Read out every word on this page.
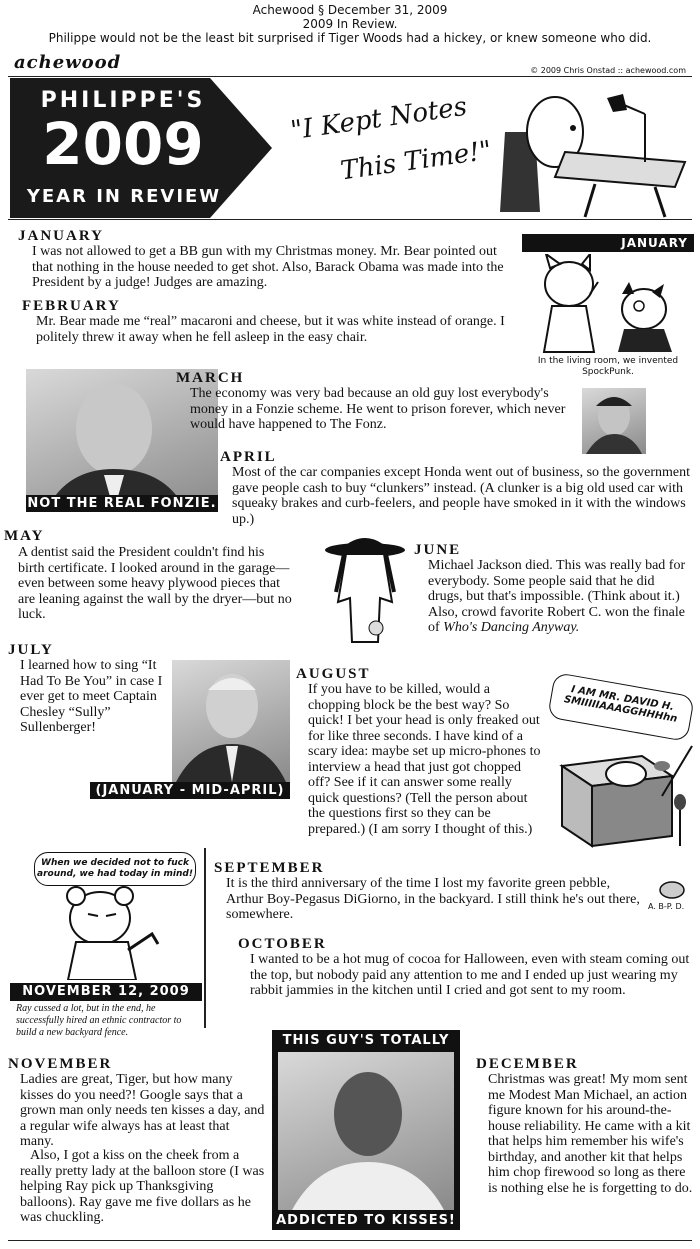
Achewood § December 31, 2009
2009 In Review.
Philippe would not be the least bit surprised if Tiger Woods had a hickey, or knew someone who did.
achewood	© 2009 Chris Onstad :: achewood.com
PHILIPPE'S
2009
YEAR IN REVIEW
"I Kept Notes
This Time!"
JANUARY
I was not allowed to get a BB gun with my Christmas money. Mr. Bear pointed out that nothing in the house needed to get shot. Also, Barack Obama was made into the President by a judge! Judges are amazing.
FEBRUARY
Mr. Bear made me “real” macaroni and cheese, but it was white instead of orange. I politely threw it away when he fell asleep in the easy chair.
JANUARY
In the living room, we invented SpockPunk.
NOT THE REAL FONZIE.
MARCH
The economy was very bad because an old guy lost everybody's money in a Fonzie scheme. He went to prison forever, which never would have happened to The Fonz.
APRIL
Most of the car companies except Honda went out of business, so the government gave people cash to buy “clunkers” instead. (A clunker is a big old used car with squeaky brakes and curb-feelers, and people have smoked in it with the windows up.)
MAY
A dentist said the President couldn't find his birth certificate. I looked around in the garage—even between some heavy plywood pieces that are leaning against the wall by the dryer—but no luck.
JUNE
Michael Jackson died. This was really bad for everybody. Some people said that he did drugs, but that's impossible. (Think about it.) Also, crowd favorite Robert C. won the finale of Who's Dancing Anyway.
JULY
I learned how to sing “It Had To Be You” in case I ever get to meet Captain Chesley “Sully” Sullenberger!
(JANUARY - MID-APRIL)
AUGUST
If you have to be killed, would a chopping block be the best way? So quick! I bet your head is only freaked out for like three seconds. I have kind of a scary idea: maybe set up micro-phones to interview a head that just got chopped off? See if it can answer some really quick questions? (Tell the person about the questions first so they can be prepared.) (I am sorry I thought of this.)
I AM MR. DAVID H. SMIIIIIAAAGGHHHhn
When we decided not to fuck around, we had today in mind!
NOVEMBER 12, 2009
Ray cussed a lot, but in the end, he successfully hired an ethnic contractor to build a new backyard fence.
SEPTEMBER
It is the third anniversary of the time I lost my favorite green pebble, Arthur Boy-Pegasus DiGiorno, in the backyard. I still think he's out there, somewhere.
A. B-P. D.
OCTOBER
I wanted to be a hot mug of cocoa for Halloween, even with steam coming out the top, but nobody paid any attention to me and I ended up just wearing my rabbit jammies in the kitchen until I cried and got sent to my room.
THIS GUY'S TOTALLY
ADDICTED TO KISSES!
NOVEMBER
Ladies are great, Tiger, but how many kisses do you need?! Google says that a grown man only needs ten kisses a day, and a regular wife always has at least that many.
Also, I got a kiss on the cheek from a really pretty lady at the balloon store (I was helping Ray pick up Thanksgiving balloons). Ray gave me five dollars as he was chuckling.
DECEMBER
Christmas was great! My mom sent me Modest Man Michael, an action figure known for his around-the-house reliability. He came with a kit that helps him remember his wife's birthday, and another kit that helps him chop firewood so long as there is nothing else he is forgetting to do.
